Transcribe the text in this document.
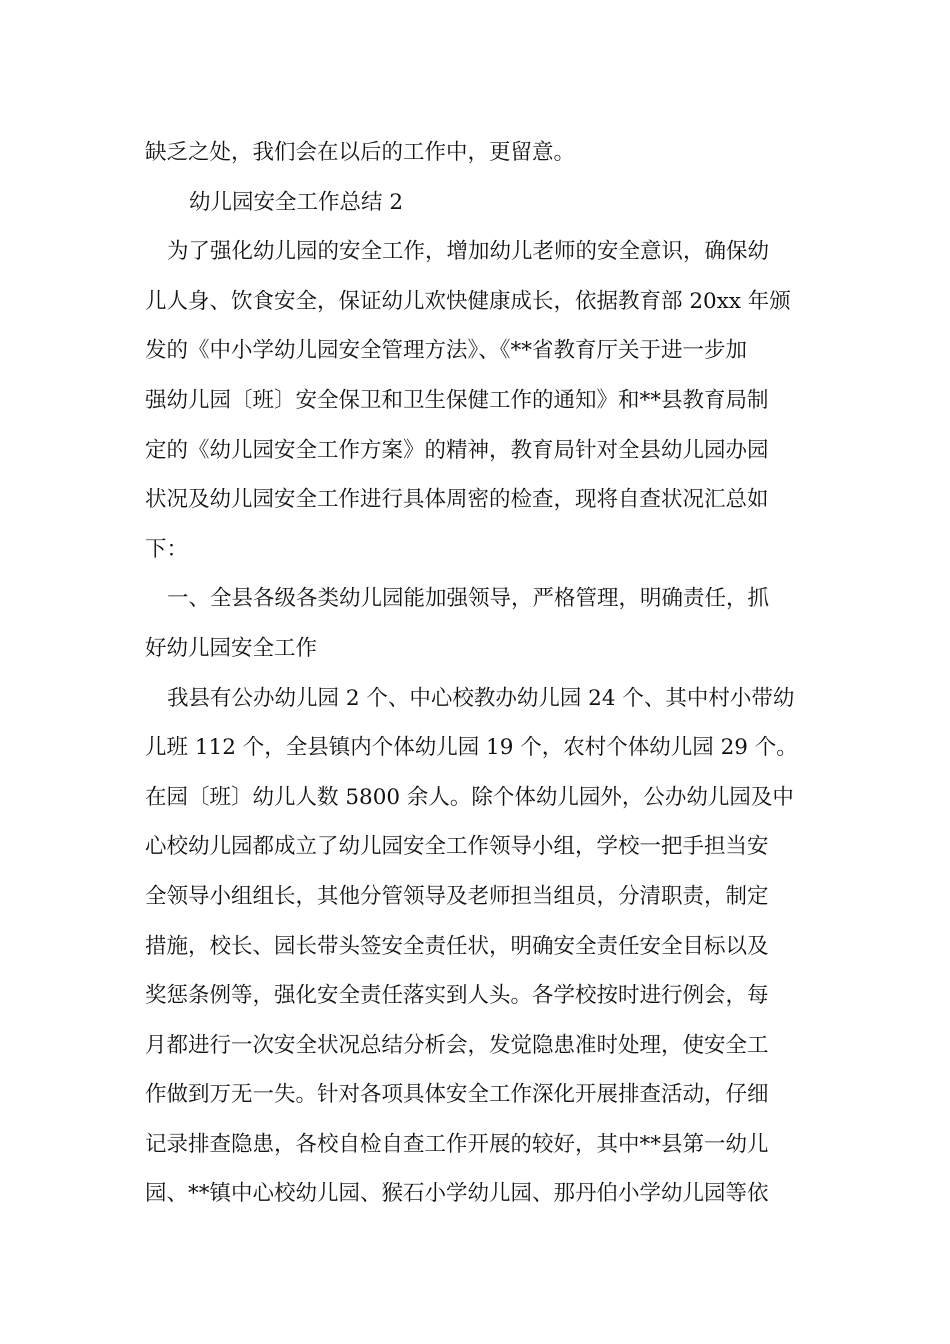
缺乏之处，我们会在以后的工作中，更留意。
幼儿园安全工作总结 2
为了强化幼儿园的安全工作，增加幼儿老师的安全意识，确保幼
儿人身、饮食安全，保证幼儿欢快健康成长，依据教育部 20xx 年颁
发的《中小学幼儿园安全管理方法》、《**省教育厅关于进一步加
强幼儿园〔班〕安全保卫和卫生保健工作的通知》和**县教育局制
定的《幼儿园安全工作方案》的精神，教育局针对全县幼儿园办园
状况及幼儿园安全工作进行具体周密的检查，现将自查状况汇总如
下：
一、全县各级各类幼儿园能加强领导，严格管理，明确责任，抓
好幼儿园安全工作
我县有公办幼儿园 2 个、中心校教办幼儿园 24 个、其中村小带幼
儿班 112 个，全县镇内个体幼儿园 19 个，农村个体幼儿园 29 个。
在园〔班〕幼儿人数 5800 余人。除个体幼儿园外，公办幼儿园及中
心校幼儿园都成立了幼儿园安全工作领导小组，学校一把手担当安
全领导小组组长，其他分管领导及老师担当组员，分清职责，制定
措施，校长、园长带头签安全责任状，明确安全责任安全目标以及
奖惩条例等，强化安全责任落实到人头。各学校按时进行例会，每
月都进行一次安全状况总结分析会，发觉隐患准时处理，使安全工
作做到万无一失。针对各项具体安全工作深化开展排查活动，仔细
记录排查隐患，各校自检自查工作开展的较好，其中**县第一幼儿
园、**镇中心校幼儿园、猴石小学幼儿园、那丹伯小学幼儿园等依
